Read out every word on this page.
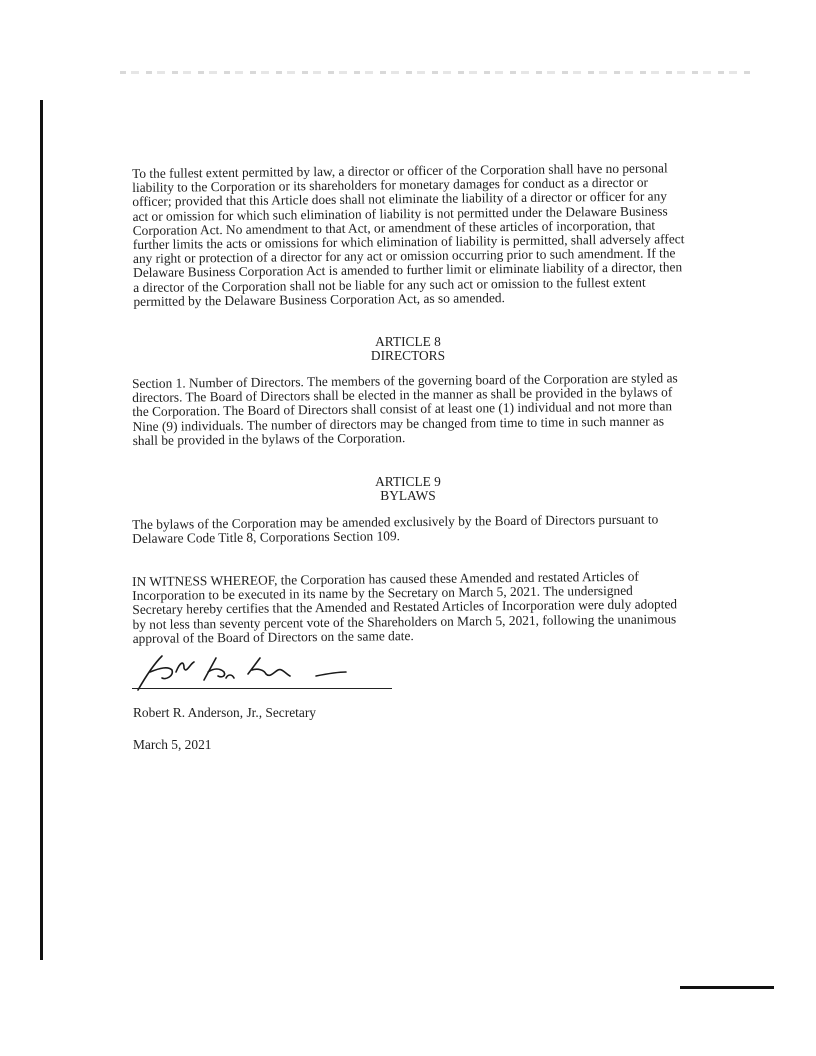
To the fullest extent permitted by law, a director or officer of the Corporation shall have no personal liability to the Corporation or its shareholders for monetary damages for conduct as a director or officer; provided that this Article does shall not eliminate the liability of a director or officer for any act or omission for which such elimination of liability is not permitted under the Delaware Business Corporation Act. No amendment to that Act, or amendment of these articles of incorporation, that further limits the acts or omissions for which elimination of liability is permitted, shall adversely affect any right or protection of a director for any act or omission occurring prior to such amendment. If the Delaware Business Corporation Act is amended to further limit or eliminate liability of a director, then a director of the Corporation shall not be liable for any such act or omission to the fullest extent permitted by the Delaware Business Corporation Act, as so amended.

ARTICLE 8
DIRECTORS

Section 1. Number of Directors. The members of the governing board of the Corporation are styled as directors. The Board of Directors shall be elected in the manner as shall be provided in the bylaws of the Corporation. The Board of Directors shall consist of at least one (1) individual and not more than Nine (9) individuals. The number of directors may be changed from time to time in such manner as shall be provided in the bylaws of the Corporation.

ARTICLE 9
BYLAWS

The bylaws of the Corporation may be amended exclusively by the Board of Directors pursuant to Delaware Code Title 8, Corporations Section 109.

IN WITNESS WHEREOF, the Corporation has caused these Amended and restated Articles of Incorporation to be executed in its name by the Secretary on March 5, 2021. The undersigned Secretary hereby certifies that the Amended and Restated Articles of Incorporation were duly adopted by not less than seventy percent vote of the Shareholders on March 5, 2021, following the unanimous approval of the Board of Directors on the same date.

Robert R. Anderson, Jr., Secretary
March 5, 2021
